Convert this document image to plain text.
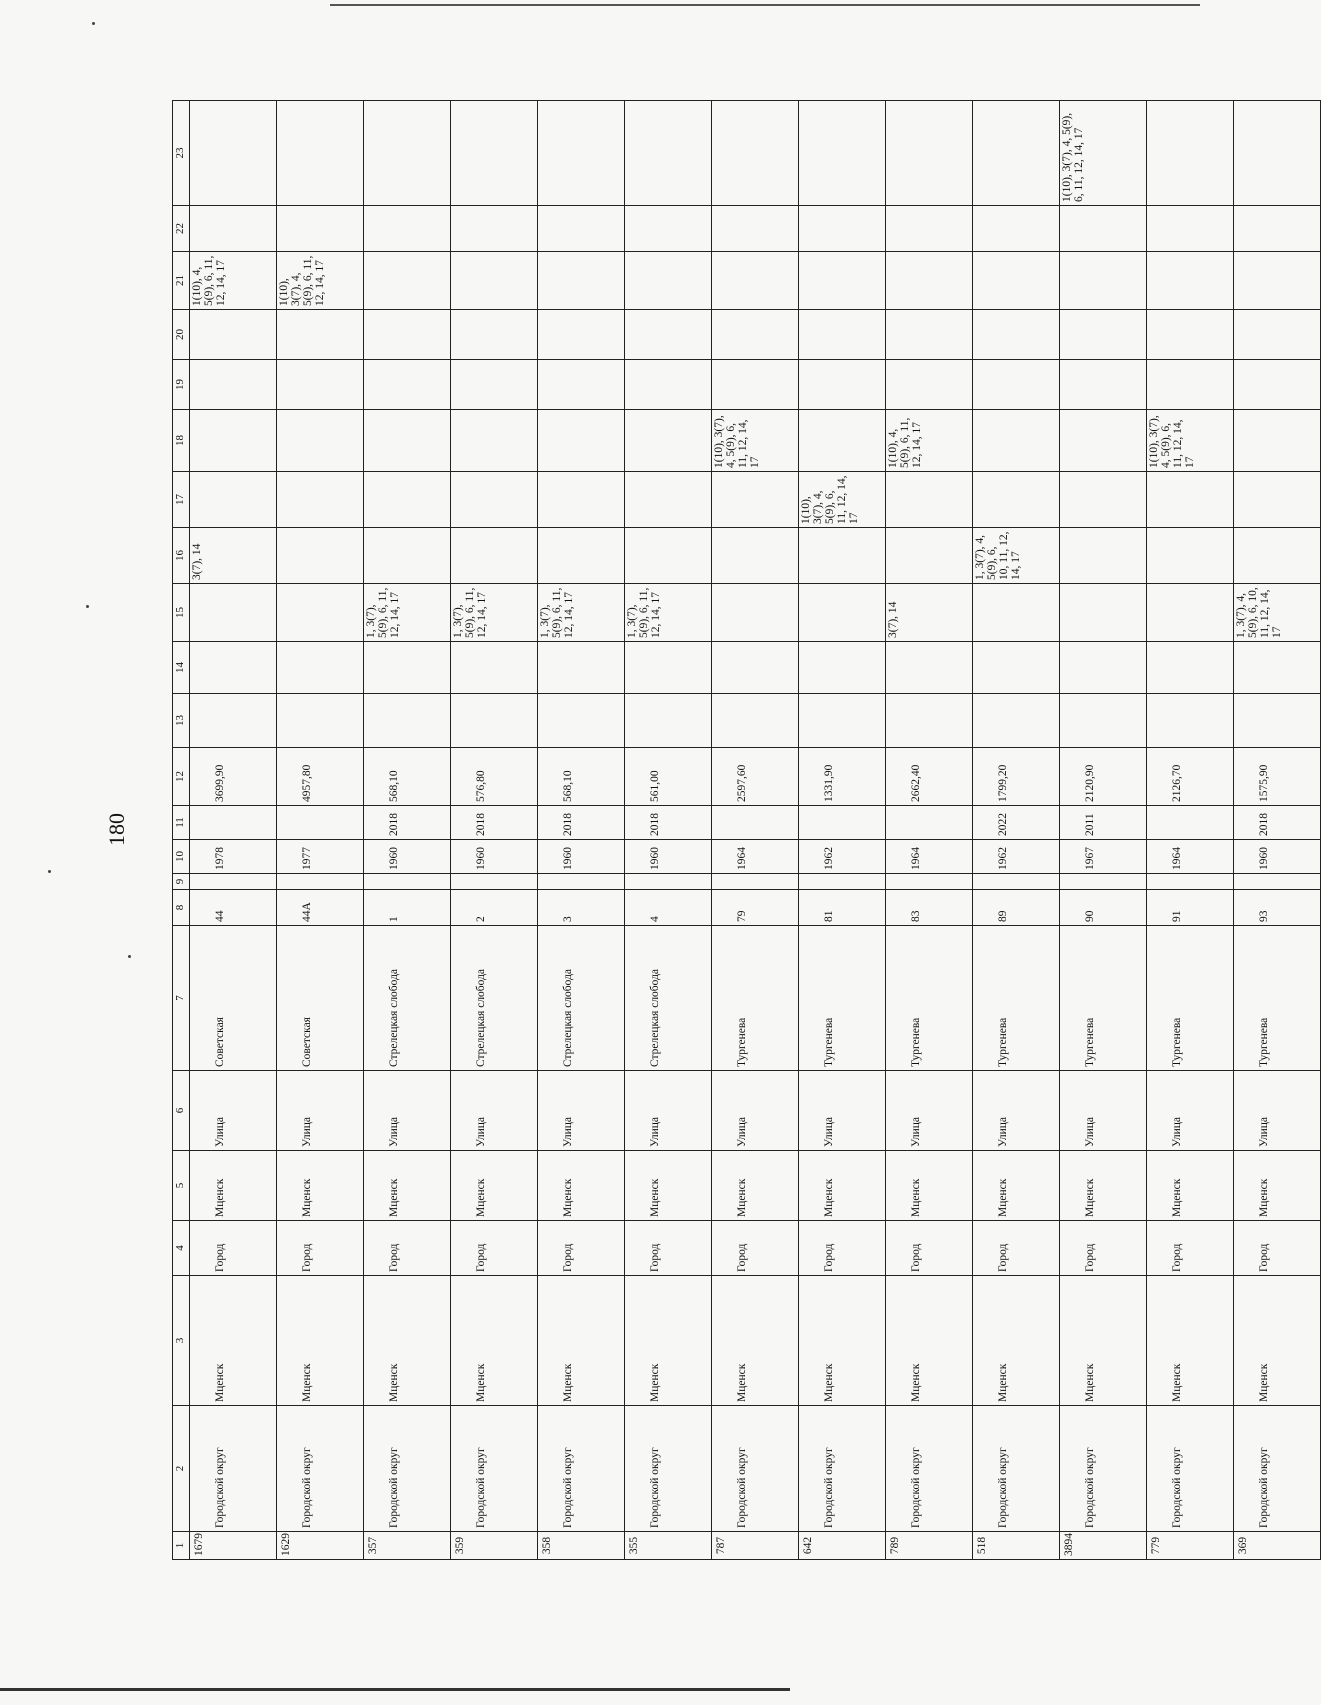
180
1	2	3	4	5	6	7	8	9	10	11	12	13	14	15	16	17	18	19	20	21	22	23
1679	Городской округ	Мценск	Город	Мценск	Улица	Советская	44		1978		3699,90				3(7), 14					1(10), 4, 5(9), 6, 11, 12, 14, 17		
1629	Городской округ	Мценск	Город	Мценск	Улица	Советская	44А		1977		4957,80									1(10), 3(7), 4, 5(9), 6, 11, 12, 14, 17		
357	Городской округ	Мценск	Город	Мценск	Улица	Стрелецкая слобода	1		1960	2018	568,10			1, 3(7), 5(9), 6, 11, 12, 14, 17								
359	Городской округ	Мценск	Город	Мценск	Улица	Стрелецкая слобода	2		1960	2018	576,80			1, 3(7), 5(9), 6, 11, 12, 14, 17								
358	Городской округ	Мценск	Город	Мценск	Улица	Стрелецкая слобода	3		1960	2018	568,10			1, 3(7), 5(9), 6, 11, 12, 14, 17								
355	Городской округ	Мценск	Город	Мценск	Улица	Стрелецкая слобода	4		1960	2018	561,00			1, 3(7), 5(9), 6, 11, 12, 14, 17								
787	Городской округ	Мценск	Город	Мценск	Улица	Тургенева	79		1964		2597,60						1(10), 3(7), 4, 5(9), 6, 11, 12, 14, 17					
642	Городской округ	Мценск	Город	Мценск	Улица	Тургенева	81		1962		1331,90					1(10), 3(7), 4, 5(9), 6, 11, 12, 14, 17						
789	Городской округ	Мценск	Город	Мценск	Улица	Тургенева	83		1964		2662,40			3(7), 14			1(10), 4, 5(9), 6, 11, 12, 14, 17					
518	Городской округ	Мценск	Город	Мценск	Улица	Тургенева	89		1962	2022	1799,20				1, 3(7), 4, 5(9), 6, 10, 11, 12, 14, 17							
3894	Городской округ	Мценск	Город	Мценск	Улица	Тургенева	90		1967	2011	2120,90											1(10), 3(7), 4, 5(9), 6, 11, 12, 14, 17
779	Городской округ	Мценск	Город	Мценск	Улица	Тургенева	91		1964		2126,70						1(10), 3(7), 4, 5(9), 6, 11, 12, 14, 17					
369	Городской округ	Мценск	Город	Мценск	Улица	Тургенева	93		1960	2018	1575,90			1, 3(7), 4, 5(9), 6, 10, 11, 12, 14, 17								
